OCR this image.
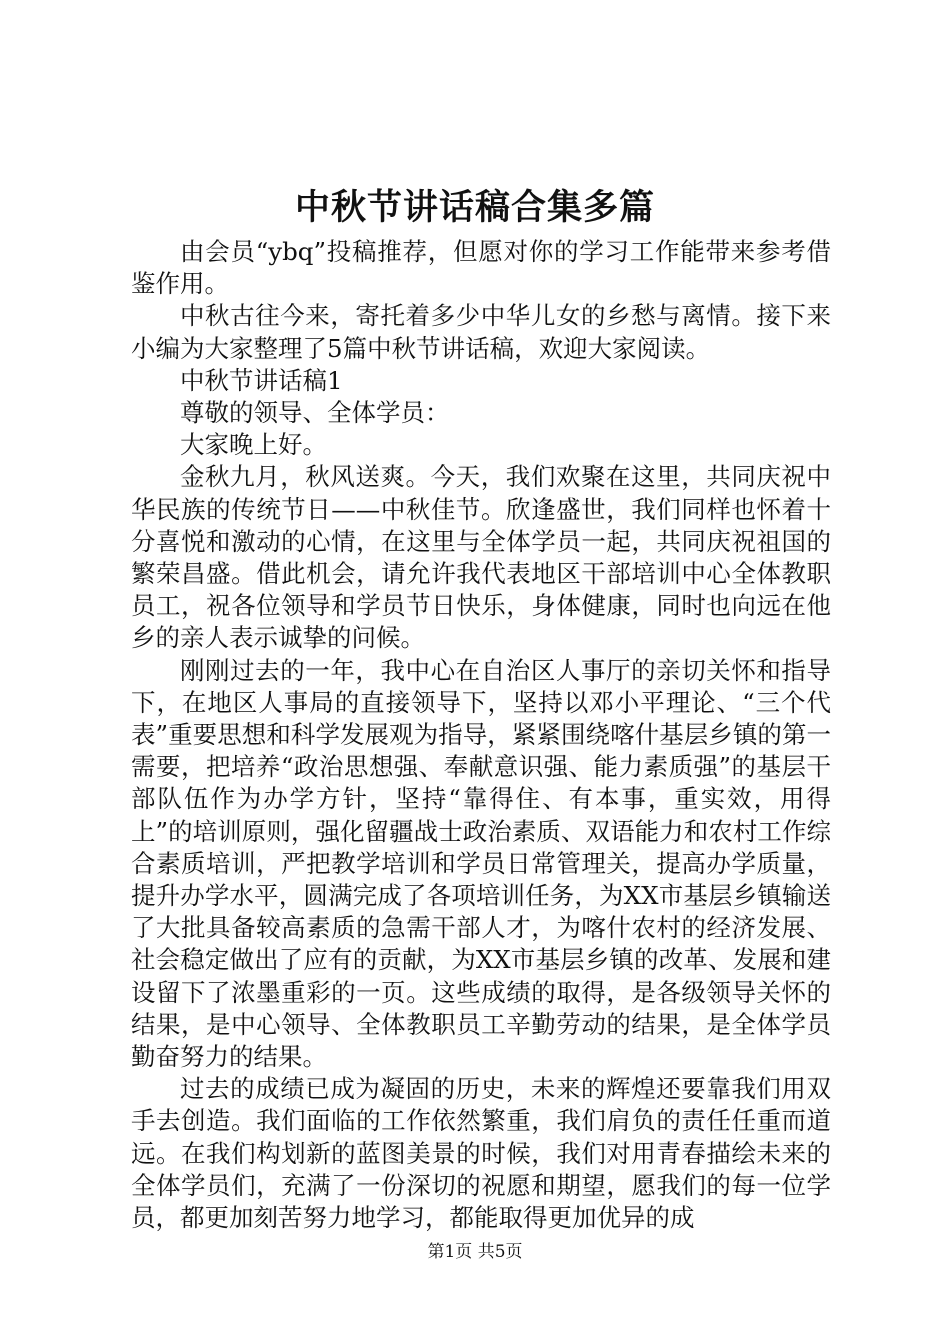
中秋节讲话稿合集多篇

由会员“ybq”投稿推荐，但愿对你的学习工作能带来参考借鉴作用。

中秋古往今来，寄托着多少中华儿女的乡愁与离情。接下来小编为大家整理了5篇中秋节讲话稿，欢迎大家阅读。

中秋节讲话稿1

尊敬的领导、全体学员：

大家晚上好。

金秋九月，秋风送爽。今天，我们欢聚在这里，共同庆祝中华民族的传统节日——中秋佳节。欣逢盛世，我们同样也怀着十分喜悦和激动的心情，在这里与全体学员一起，共同庆祝祖国的繁荣昌盛。借此机会，请允许我代表地区干部培训中心全体教职员工，祝各位领导和学员节日快乐，身体健康，同时也向远在他乡的亲人表示诚挚的问候。

刚刚过去的一年，我中心在自治区人事厅的亲切关怀和指导下，在地区人事局的直接领导下，坚持以邓小平理论、“三个代表”重要思想和科学发展观为指导，紧紧围绕喀什基层乡镇的第一需要，把培养“政治思想强、奉献意识强、能力素质强”的基层干部队伍作为办学方针，坚持“靠得住、有本事，重实效，用得上”的培训原则，强化留疆战士政治素质、双语能力和农村工作综合素质培训，严把教学培训和学员日常管理关，提高办学质量，提升办学水平，圆满完成了各项培训任务，为XX市基层乡镇输送了大批具备较高素质的急需干部人才，为喀什农村的经济发展、社会稳定做出了应有的贡献，为XX市基层乡镇的改革、发展和建设留下了浓墨重彩的一页。这些成绩的取得，是各级领导关怀的结果，是中心领导、全体教职员工辛勤劳动的结果，是全体学员勤奋努力的结果。

过去的成绩已成为凝固的历史，未来的辉煌还要靠我们用双手去创造。我们面临的工作依然繁重，我们肩负的责任任重而道远。在我们构划新的蓝图美景的时候，我们对用青春描绘未来的全体学员们，充满了一份深切的祝愿和期望，愿我们的每一位学员，都更加刻苦努力地学习，都能取得更加优异的成

第1页 共5页
